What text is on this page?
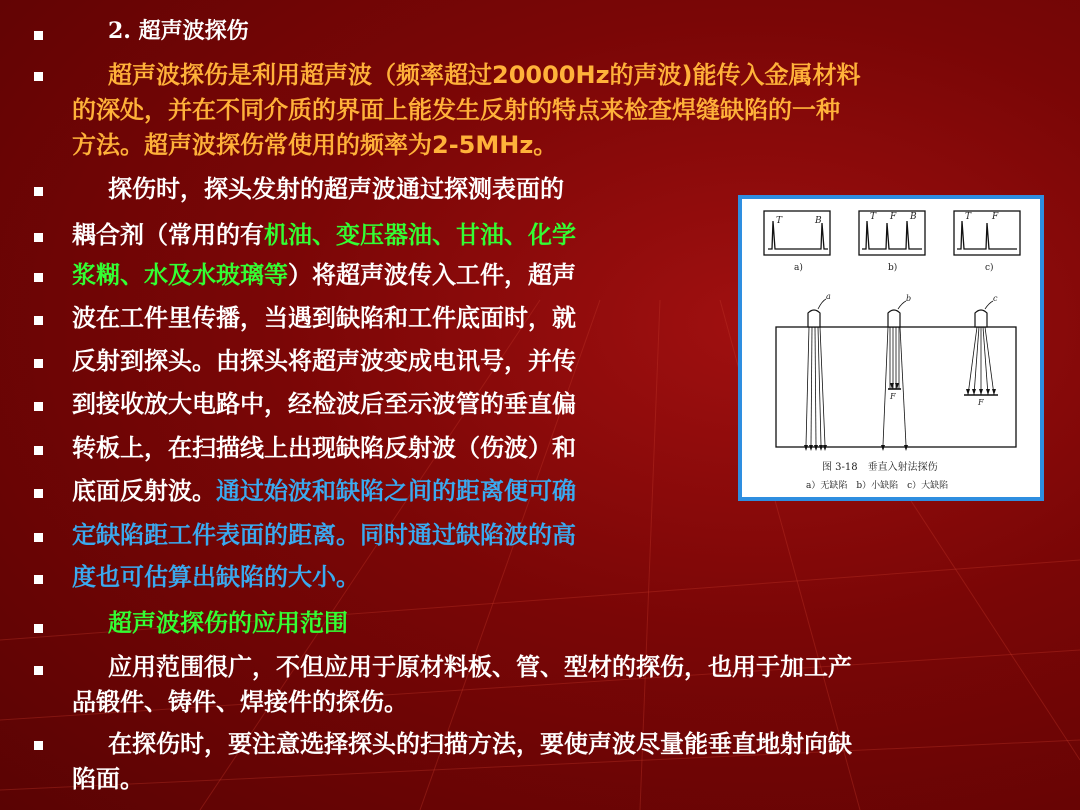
2. 超声波探伤
超声波探伤是利用超声波（频率超过20000Hz的声波)能传入金属材料
的深处，并在不同介质的界面上能发生反射的特点来检查焊缝缺陷的一种
方法。超声波探伤常使用的频率为2-5MHz。
探伤时，探头发射的超声波通过探测表面的
耦合剂（常用的有机油、变压器油、甘油、化学
浆糊、水及水玻璃等）将超声波传入工件，超声
波在工件里传播，当遇到缺陷和工件底面时，就
反射到探头。由探头将超声波变成电讯号，并传
到接收放大电路中，经检波后至示波管的垂直偏
转板上，在扫描线上出现缺陷反射波（伤波）和
底面反射波。通过始波和缺陷之间的距离便可确
定缺陷距工件表面的距离。同时通过缺陷波的高
度也可估算出缺陷的大小。
超声波探伤的应用范围
应用范围很广，不但应用于原材料板、管、型材的探伤，也用于加工产
品锻件、铸件、焊接件的探伤。
在探伤时，要注意选择探头的扫描方法，要使声波尽量能垂直地射向缺
陷面。
T	B	T F B	T F
a)	b)	c)
a	b	c
F
F
图 3-18　垂直入射法探伤
a）无缺陷　b）小缺陷　c）大缺陷
